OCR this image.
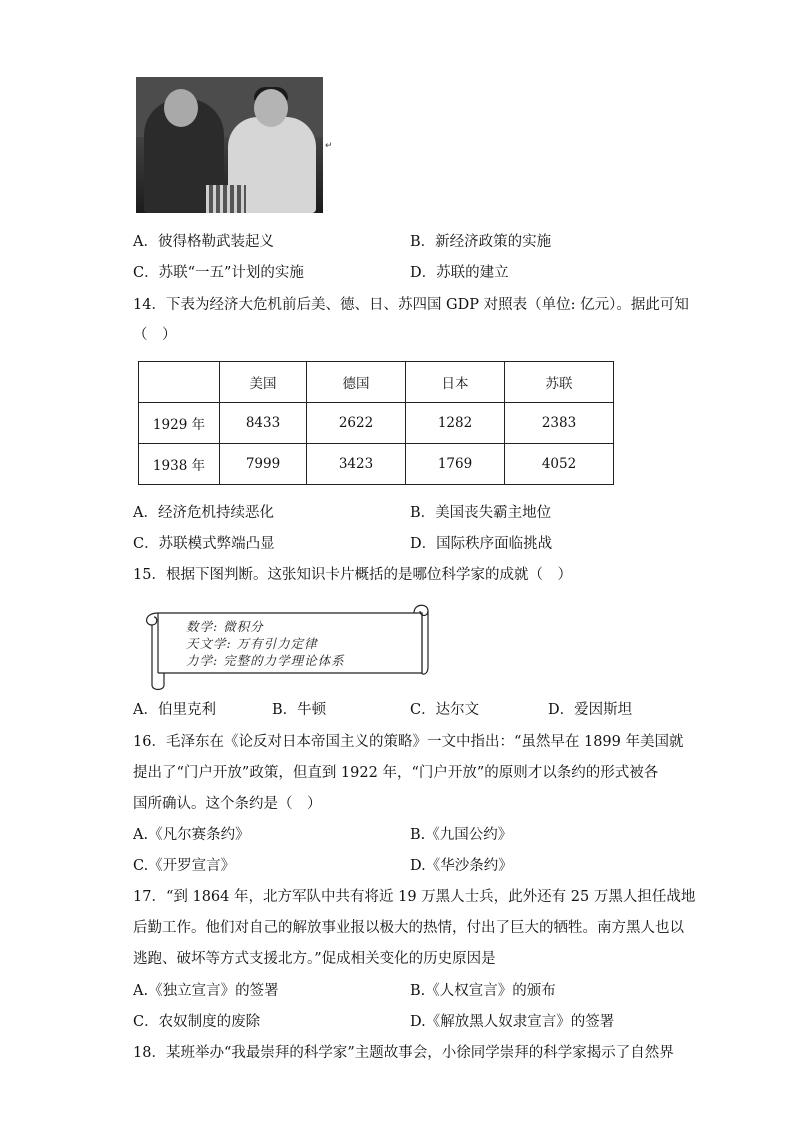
↵
A．彼得格勒武装起义	B．新经济政策的实施
C．苏联“一五”计划的实施	D．苏联的建立
14．下表为经济大危机前后美、德、日、苏四国 GDP 对照表（单位: 亿元）。据此可知
（　）
	美国	德国	日本	苏联
1929 年	8433	2622	1282	2383
1938 年	7999	3423	1769	4052
A．经济危机持续恶化	B．美国丧失霸主地位
C．苏联模式弊端凸显	D．国际秩序面临挑战
15．根据下图判断。这张知识卡片概括的是哪位科学家的成就（　）
数学: 微积分
天文学: 万有引力定律
力学: 完整的力学理论体系
A．伯里克利	B．牛顿	C．达尔文	D．爱因斯坦
16．毛泽东在《论反对日本帝国主义的策略》一文中指出：“虽然早在 1899 年美国就
提出了“门户开放”政策，但直到 1922 年，“门户开放”的原则才以条约的形式被各
国所确认。这个条约是（　）
A.《凡尔赛条约》	B.《九国公约》
C.《开罗宣言》	D.《华沙条约》
17．“到 1864 年，北方军队中共有将近 19 万黑人士兵，此外还有 25 万黑人担任战地
后勤工作。他们对自己的解放事业报以极大的热情，付出了巨大的牺牲。南方黑人也以
逃跑、破坏等方式支援北方。”促成相关变化的历史原因是
A.《独立宣言》的签署	B.《人权宣言》的颁布
C．农奴制度的废除	D.《解放黑人奴隶宣言》的签署
18．某班举办“我最崇拜的科学家”主题故事会，小徐同学崇拜的科学家揭示了自然界
